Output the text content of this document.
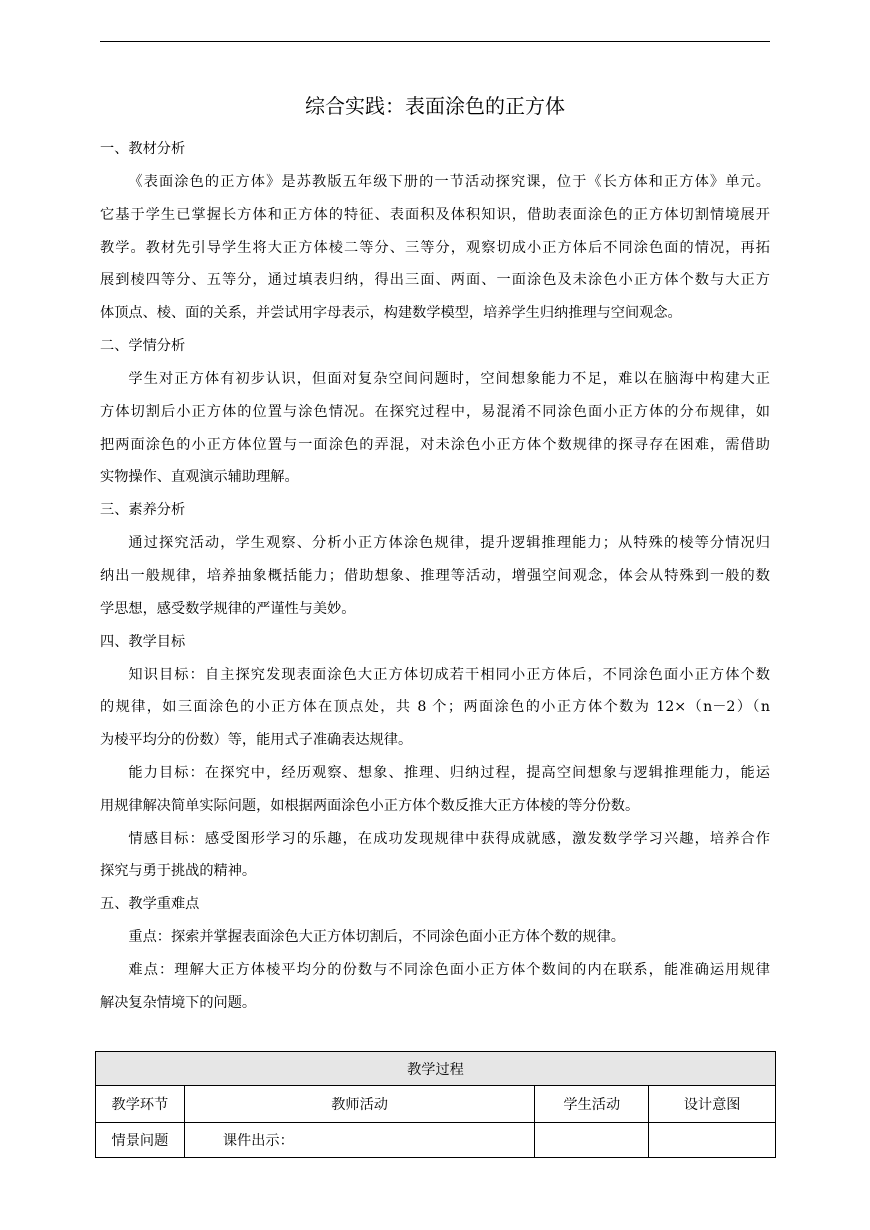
综合实践：表面涂色的正方体
一、教材分析
《表面涂色的正方体》是苏教版五年级下册的一节活动探究课，位于《长方体和正方体》单元。
它基于学生已掌握长方体和正方体的特征、表面积及体积知识，借助表面涂色的正方体切割情境展开
教学。教材先引导学生将大正方体棱二等分、三等分，观察切成小正方体后不同涂色面的情况，再拓
展到棱四等分、五等分，通过填表归纳，得出三面、两面、一面涂色及未涂色小正方体个数与大正方
体顶点、棱、面的关系，并尝试用字母表示，构建数学模型，培养学生归纳推理与空间观念。
二、学情分析
学生对正方体有初步认识，但面对复杂空间问题时，空间想象能力不足，难以在脑海中构建大正
方体切割后小正方体的位置与涂色情况。在探究过程中，易混淆不同涂色面小正方体的分布规律，如
把两面涂色的小正方体位置与一面涂色的弄混，对未涂色小正方体个数规律的探寻存在困难，需借助
实物操作、直观演示辅助理解。
三、素养分析
通过探究活动，学生观察、分析小正方体涂色规律，提升逻辑推理能力；从特殊的棱等分情况归
纳出一般规律，培养抽象概括能力；借助想象、推理等活动，增强空间观念，体会从特殊到一般的数
学思想，感受数学规律的严谨性与美妙。
四、教学目标
知识目标：自主探究发现表面涂色大正方体切成若干相同小正方体后，不同涂色面小正方体个数
的规律，如三面涂色的小正方体在顶点处，共 8 个；两面涂色的小正方体个数为 12×（n－2）（n
为棱平均分的份数）等，能用式子准确表达规律。
能力目标：在探究中，经历观察、想象、推理、归纳过程，提高空间想象与逻辑推理能力，能运
用规律解决简单实际问题，如根据两面涂色小正方体个数反推大正方体棱的等分份数。
情感目标：感受图形学习的乐趣，在成功发现规律中获得成就感，激发数学学习兴趣，培养合作
探究与勇于挑战的精神。
五、教学重难点
重点：探索并掌握表面涂色大正方体切割后，不同涂色面小正方体个数的规律。
难点：理解大正方体棱平均分的份数与不同涂色面小正方体个数间的内在联系，能准确运用规律
解决复杂情境下的问题。
教学过程			
教学环节	教师活动	学生活动	设计意图
情景问题	课件出示：		
